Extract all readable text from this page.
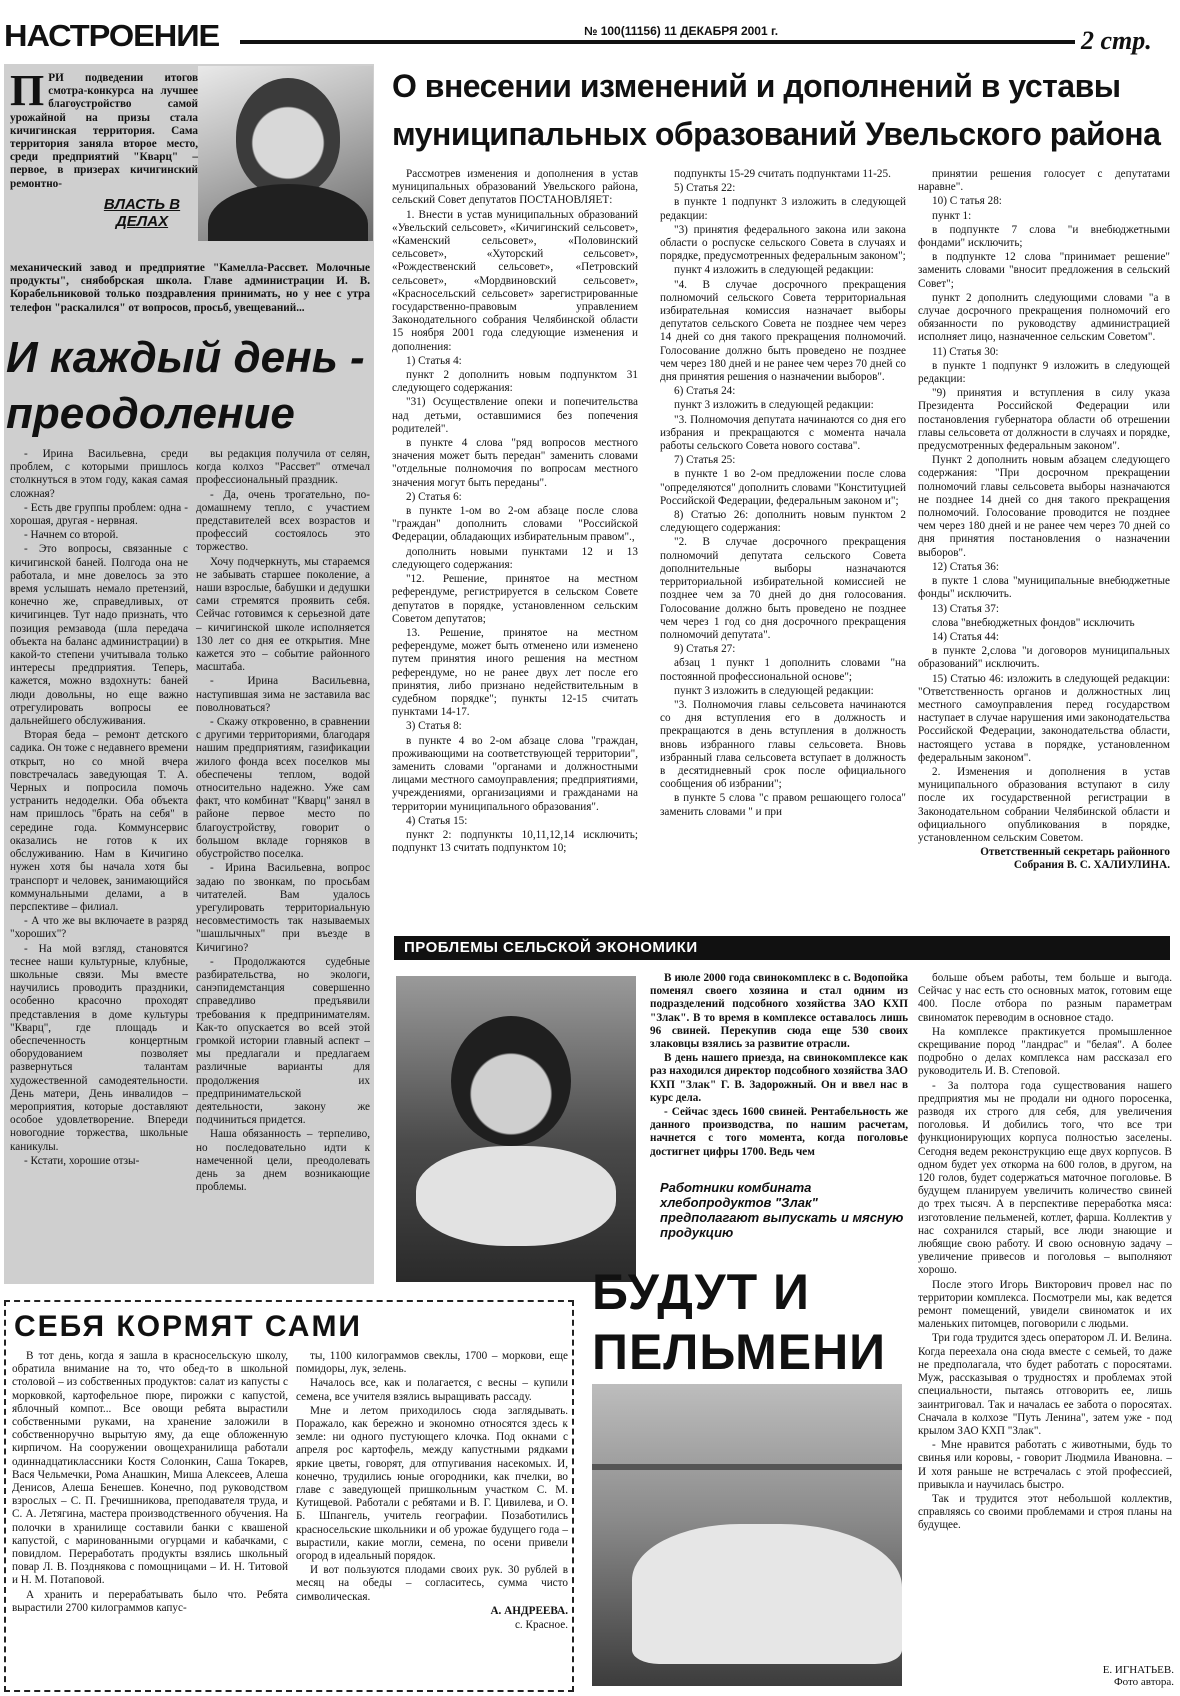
НАСТРОЕНИЕ	№ 100(11156) 11 ДЕКАБРЯ 2001 г.	2 стр.
ПРИ подведении итогов смотра-конкурса на лучшее благоустройство самой урожайной на призы стала кичигинская территория. Сама территория заняла второе место, среди предприятий "Кварц" – первое, в призерах кичигинский ремонтно-
ВЛАСТЬ В ДЕЛАХ
механический завод и предприятие "Камелла-Рассвет. Молочные продукты", снябобрская школа. Главе администрации И. В. Корабельниковой только поздравления принимать, но у нее с утра телефон "раскалился" от вопросов, просьб, увещеваний...
И каждый день - преодоление

- Ирина Васильевна, среди проблем, с которыми пришлось столкнуться в этом году, какая самая сложная?

- Есть две группы проблем: одна - хорошая, другая - нервная.

- Начнем со второй.

- Это вопросы, связанные с кичигинской баней. Полгода она не работала, и мне довелось за это время услышать немало претензий, конечно же, справедливых, от кичигинцев. Тут надо признать, что позиция ремзавода (шла передача объекта на баланс администрации) в какой-то степени учитывала только интересы предприятия. Теперь, кажется, можно вздохнуть: баней люди довольны, но еще важно отрегулировать вопросы ее дальнейшего обслуживания.

Вторая беда – ремонт детского садика. Он тоже с недавнего времени открыт, но со мной вчера повстречалась заведующая Т. А. Черных и попросила помочь устранить недоделки. Оба объекта нам пришлось "брать на себя" в середине года. Коммунсервис оказались не готов к их обслуживанию. Нам в Кичигино нужен хотя бы начала хотя бы транспорт и человек, занимающийся коммунальными делами, а в перспективе – филиал.

- А что же вы включаете в разряд "хороших"?

- На мой взгляд, становятся теснее наши культурные, клубные, школьные связи. Мы вместе научились проводить праздники, особенно красочно проходят представления в доме культуры "Кварц", где площадь и обеспеченность концертным оборудованием позволяет развернуться талантам художественной самодеятельности. День матери, День инвалидов – мероприятия, которые доставляют особое удовлетворение. Впереди новогодние торжества, школьные каникулы.

- Кстати, хорошие отзы-

вы редакция получила от селян, когда колхоз "Рассвет" отмечал профессиональный праздник.

- Да, очень трогательно, по-домашнему тепло, с участием представителей всех возрастов и профессий состоялось это торжество.

Хочу подчеркнуть, мы стараемся не забывать старшее поколение, а наши взрослые, бабушки и дедушки сами стремятся проявить себя. Сейчас готовимся к серьезной дате – кичигинской школе исполняется 130 лет со дня ее открытия. Мне кажется это – событие районного масштаба.

- Ирина Васильевна, наступившая зима не заставила вас поволноваться?

- Скажу откровенно, в сравнении с другими территориями, благодаря нашим предприятиям, газификации жилого фонда всех поселков мы обеспечены теплом, водой относительно надежно. Уже сам факт, что комбинат "Кварц" занял в районе первое место по благоустройству, говорит о большом вкладе горняков в обустройство поселка.

- Ирина Васильевна, вопрос задаю по звонкам, по просьбам читателей. Вам удалось урегулировать территориальную несовместимость так называемых "шашлычных" при въезде в Кичигино?

- Продолжаются судебные разбирательства, но экологи, санэпидемстанция совершенно справедливо предъявили требования к предпринимателям. Как-то опускается во всей этой громкой истории главный аспект – мы предлагали и предлагаем различные варианты для продолжения их предпринимательской деятельности, закону же подчиниться придется.

Наша обязанность – терпеливо, но последовательно идти к намеченной цели, преодолевать день за днем возникающие проблемы.

О внесении изменений и дополнений в уставы муниципальных образований Увельского района

Рассмотрев изменения и дополнения в устав муниципальных образований Увельского района, сельский Совет депутатов ПОСТАНОВЛЯЕТ:

1. Внести в устав муниципальных образований «Увельский сельсовет», «Кичигинский сельсовет», «Каменский сельсовет», «Половинский сельсовет», «Хуторский сельсовет», «Рождественский сельсовет», «Петровский сельсовет», «Мордвиновский сельсовет», «Красносельский сельсовет» зарегистрированные государственно-правовым управлением Законодательного собрания Челябинской области 15 ноября 2001 года следующие изменения и дополнения:

1) Статья 4:

пункт 2 дополнить новым подпунктом 31 следующего содержания:

"31) Осуществление опеки и попечительства над детьми, оставшимися без попечения родителей".

в пункте 4 слова "ряд вопросов местного значения может быть передан" заменить словами "отдельные полномочия по вопросам местного значения могут быть переданы".

2) Статья 6:

в пункте 1-ом во 2-ом абзаце после слова "граждан" дополнить словами "Российской Федерации, обладающих избирательным правом".,

дополнить новыми пунктами 12 и 13 следующего содержания:

"12. Решение, принятое на местном референдуме, регистрируется в сельском Совете депутатов в порядке, установленном сельским Советом депутатов;

13. Решение, принятое на местном референдуме, может быть отменено или изменено путем принятия иного решения на местном референдуме, но не ранее двух лет после его принятия, либо признано недействительным в судебном порядке"; пункты 12-15 считать пунктами 14-17.

3) Статья 8:

в пункте 4 во 2-ом абзаце слова "граждан, проживающими на соответствующей территории", заменить словами "органами и должностными лицами местного самоуправления; предприятиями, учреждениями, организациями и гражданами на территории муниципального образования".

4) Статья 15:

пункт 2: подпункты 10,11,12,14 исключить; подпункт 13 считать подпунктом 10;

подпункты 15-29 считать подпунктами 11-25.

5) Статья 22:

в пункте 1 подпункт 3 изложить в следующей редакции:

"3) принятия федерального закона или закона области о роспуске сельского Совета в случаях и порядке, предусмотренных федеральным законом";

пункт 4 изложить в следующей редакции:

"4. В случае досрочного прекращения полномочий сельского Совета территориальная избирательная комиссия назначает выборы депутатов сельского Совета не позднее чем через 14 дней со дня такого прекращения полномочий. Голосование должно быть проведено не позднее чем через 180 дней и не ранее чем через 70 дней со дня принятия решения о назначении выборов".

6) Статья 24:

пункт 3 изложить в следующей редакции:

"3. Полномочия депутата начинаются со дня его избрания и прекращаются с момента начала работы сельского Совета нового состава".

7) Статья 25:

в пункте 1 во 2-ом предложении после слова "определяются" дополнить словами "Конституцией Российской Федерации, федеральным законом и";

8) Статью 26: дополнить новым пунктом 2 следующего содержания:

"2. В случае досрочного прекращения полномочий депутата сельского Совета дополнительные выборы назначаются территориальной избирательной комиссией не позднее чем за 70 дней до дня голосования. Голосование должно быть проведено не позднее чем через 1 год со дня досрочного прекращения полномочий депутата".

9) Статья 27:

абзац 1 пункт 1 дополнить словами "на постоянной профессиональной основе";

пункт 3 изложить в следующей редакции:

"3. Полномочия главы сельсовета начинаются со дня вступления его в должность и прекращаются в день вступления в должность вновь избранного главы сельсовета. Вновь избранный глава сельсовета вступает в должность в десятидневный срок после официального сообщения об избрании";

в пункте 5 слова "с правом решающего голоса" заменить словами " и при

принятии решения голосует с депутатами наравне".

10) С татья 28:

пункт 1:

в подпункте 7 слова "и внебюджетными фондами" исключить;

в подпункте 12 слова "принимает решение" заменить словами "вносит предложения в сельский Совет";

пункт 2 дополнить следующими словами "а в случае досрочного прекращения полномочий его обязанности по руководству администрацией исполняет лицо, назначенное сельским Советом".

11) Статья 30:

в пункте 1 подпункт 9 изложить в следующей редакции:

"9) принятия и вступления в силу указа Президента Российской Федерации или постановления губернатора области об отрешении главы сельсовета от должности в случаях и порядке, предусмотренных федеральным законом".

Пункт 2 дополнить новым абзацем следующего содержания: "При досрочном прекращении полномочий главы сельсовета выборы назначаются не позднее 14 дней со дня такого прекращения полномочий. Голосование проводится не позднее чем через 180 дней и не ранее чем через 70 дней со дня принятия постановления о назначении выборов".

12) Статья 36:

в пукте 1 слова "муниципальные внебюджетные фонды" исключить.

13) Статья 37:

слова "внебюджетных фондов" исключить

14) Статья 44:

в пункте 2,слова "и договоров муниципальных образований" исключить.

15) Статью 46: изложить в следующей редакции: "Ответственность органов и должностных лиц местного самоуправления перед государством наступает в случае нарушения ими законодательства Российской Федерации, законодательства области, настоящего устава в порядке, установленном федеральным законом".

2. Изменения и дополнения в устав муниципального образования вступают в силу после их государственной регистрации в Законодательном собрании Челябинской области и официального опубликования в порядке, установленном сельским Советом.

Ответственный секретарь районного Собрания В. С. ХАЛИУЛИНА.

ПРОБЛЕМЫ СЕЛЬСКОЙ ЭКОНОМИКИ

В июле 2000 года свинокомплекс в с. Водопойка поменял своего хозяина и стал одним из подразделений подсобного хозяйства ЗАО КХП "Злак". В то время в комплексе оставалось лишь 96 свиней. Перекупив сюда еще 530 своих злаковцы взялись за развитие отрасли.

В день нашего приезда, на свинокомплексе как раз находился директор подсобного хозяйства ЗАО КХП "Злак" Г. В. Задорожный. Он и ввел нас в курс дела.

- Сейчас здесь 1600 свиней. Рентабельность же данного производства, по нашим расчетам, начнется с того момента, когда поголовье достигнет цифры 1700. Ведь чем

Работники комбината хлебопродуктов "Злак" предполагают выпускать и мясную продукцию
БУДУТ И ПЕЛЬМЕНИ

больше объем работы, тем больше и выгода. Сейчас у нас есть сто основных маток, готовим еще 400. После отбора по разным параметрам свиноматок переводим в основное стадо.

На комплексе практикуется промышленное скрещивание пород "ландрас" и "белая". А более подробно о делах комплекса нам рассказал его руководитель И. В. Степовой.

- За полтора года существования нашего предприятия мы не продали ни одного поросенка, разводя их строго для себя, для увеличения поголовья. И добились того, что все три функционирующих корпуса полностью заселены. Сегодня ведем реконструкцию еще двух корпусов. В одном будет уех откорма на 600 голов, в другом, на 120 голов, будет содержаться маточное поголовье. В будущем планируем увеличить количество свиней до трех тысяч. А в перспективе переработка мяса: изготовление пельменей, котлет, фарша. Коллектив у нас сохранился старый, все люди знающие и любящие свою работу. И свою основную задачу – увеличение привесов и поголовья – выполняют хорошо.

После этого Игорь Викторович провел нас по территории комплекса. Посмотрели мы, как ведется ремонт помещений, увидели свиноматок и их маленьких питомцев, поговорили с людьми.

Три года трудится здесь оператором Л. И. Велина. Когда переехала она сюда вместе с семьей, то даже не предполагала, что будет работать с поросятами. Муж, рассказывая о трудностях и проблемах этой специальности, пытаясь отговорить ее, лишь заинтриговал. Так и началась ее забота о поросятах. Сначала в колхозе "Путь Ленина", затем уже - под крылом ЗАО КХП "Злак".

- Мне нравится работать с животными, будь то свинья или коровы, - говорит Людмила Ивановна. – И хотя раньше не встречалась с этой профессией, привыкла и научилась быстро.

Так и трудится этот небольшой коллектив, справляясь со своими проблемами и строя планы на будущее.

Е. ИГНАТЬЕВ.
Фото автора.
СЕБЯ КОРМЯТ САМИ

В тот день, когда я зашла в красносельскую школу, обратила внимание на то, что обед-то в школьной столовой – из собственных продуктов: салат из капусты с морковкой, картофельное пюре, пирожки с капустой, яблочный компот... Все овощи ребята вырастили собственными руками, на хранение заложили в собственноручно вырытую яму, да еще обложенную кирпичом. На сооружении овощехранилища работали одиннадцатиклассники Костя Солонкин, Саша Токарев, Вася Чельмечки, Рома Анашкин, Миша Алексеев, Алеша Денисов, Алеша Бенешев. Конечно, под руководством взрослых – С. П. Гречишникова, преподавателя труда, и С. А. Летягина, мастера производственного обучения. На полочки в хранилище составили банки с квашеной капустой, с маринованными огурцами и кабачками, с повидлом. Переработать продукты взялись школьный повар Л. В. Позднякова с помощницами – И. Н. Титовой и Н. М. Потаповой.

А хранить и перерабатывать было что. Ребята вырастили 2700 килограммов капус-

ты, 1100 килограммов свеклы, 1700 – моркови, еще помидоры, лук, зелень.

Началось все, как и полагается, с весны – купили семена, все учителя взялись выращивать рассаду.

Мне и летом приходилось сюда заглядывать. Поражало, как бережно и экономно относятся здесь к земле: ни одного пустующего клочка. Под окнами с апреля рос картофель, между капустными рядками яркие цветы, говорят, для отпугивания насекомых. И, конечно, трудились юные огородники, как пчелки, во главе с заведующей пришкольным участком С. М. Кутищевой. Работали с ребятами и В. Г. Цивилева, и О. Б. Шпангель, учитель географии. Позаботились красносельские школьники и об урожае будущего года – вырастили, какие могли, семена, по осени привели огород в идеальный порядок.

И вот пользуются плодами своих рук. 30 рублей в месяц на обеды – согласитесь, сумма чисто символическая.

А. АНДРЕЕВА.

с. Красное.
